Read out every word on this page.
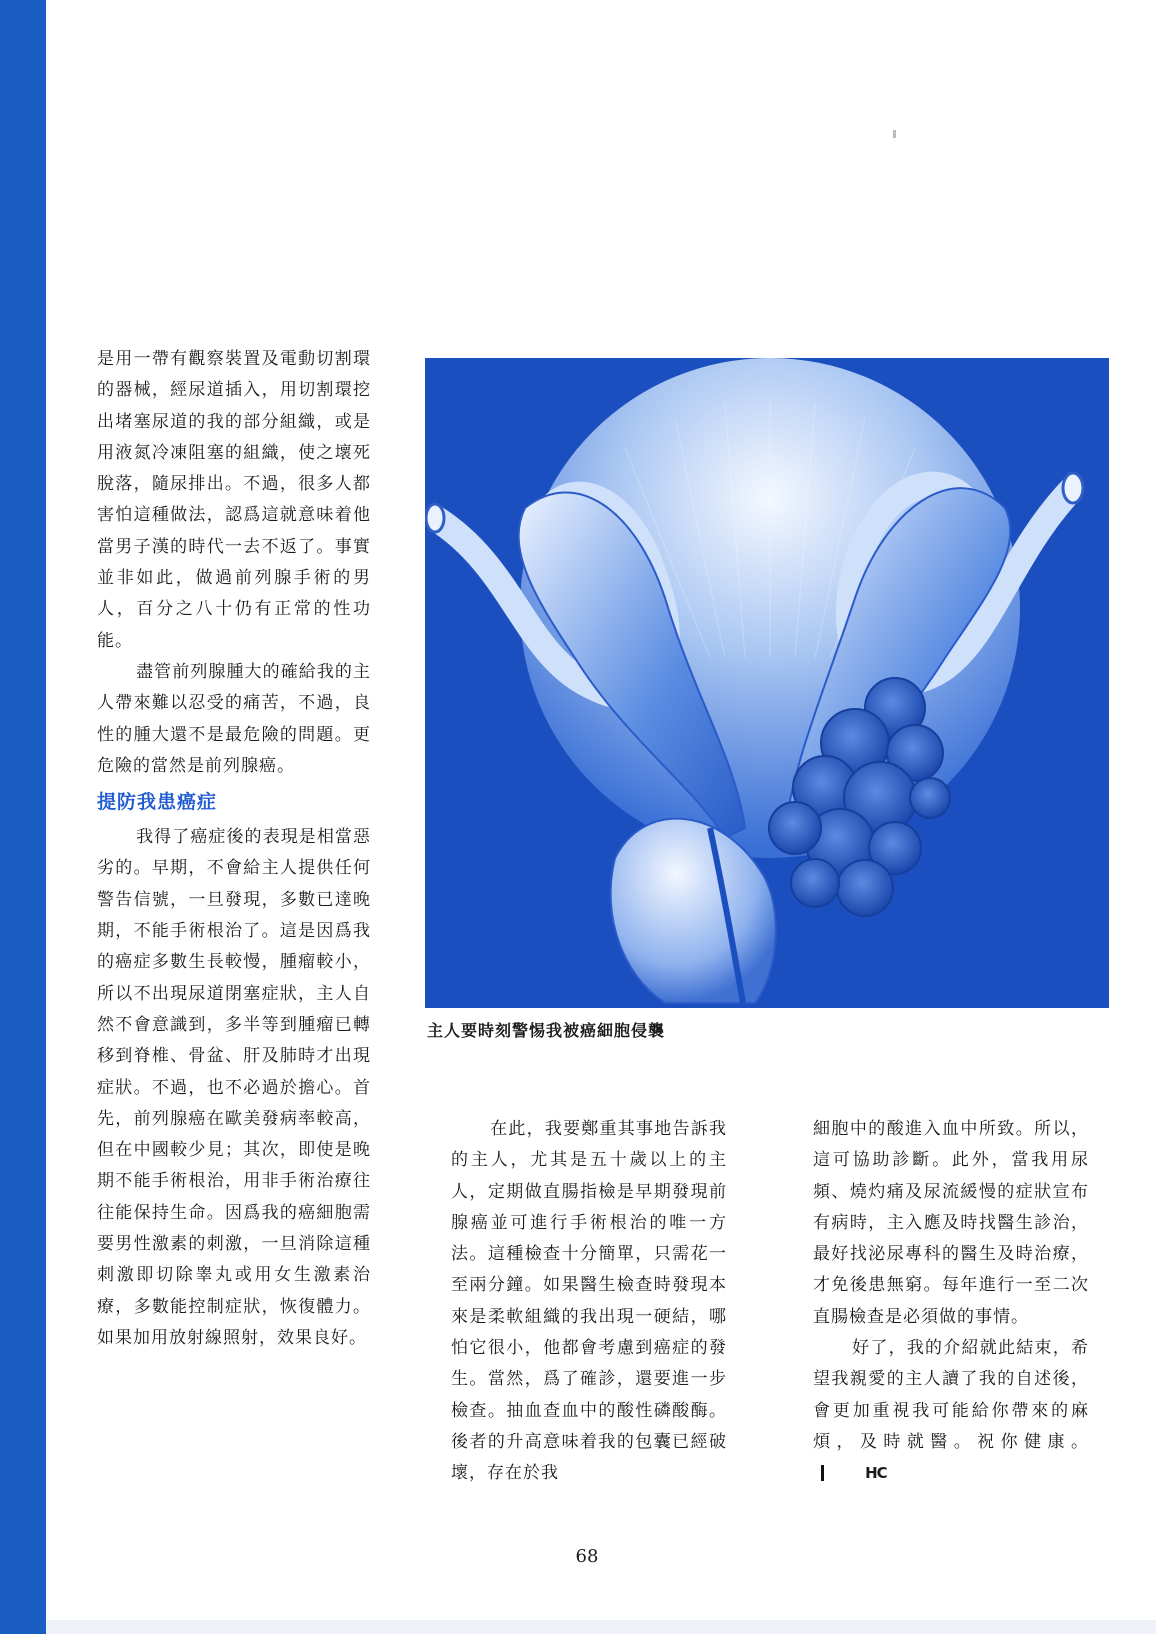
是用一帶有觀察裝置及電動切割環的器械，經尿道插入，用切割環挖出堵塞尿道的我的部分組織，或是用液氮冷凍阻塞的組織，使之壞死脫落，隨尿排出。不過，很多人都害怕這種做法，認爲這就意味着他當男子漢的時代一去不返了。事實並非如此，做過前列腺手術的男人，百分之八十仍有正常的性功能。

盡管前列腺腫大的確給我的主人帶來難以忍受的痛苦，不過，良性的腫大還不是最危險的問題。更危險的當然是前列腺癌。

提防我患癌症

我得了癌症後的表現是相當惡劣的。早期，不會給主人提供任何警告信號，一旦發現，多數已達晚期，不能手術根治了。這是因爲我的癌症多數生長較慢，腫瘤較小，所以不出現尿道閉塞症狀，主人自然不會意識到，多半等到腫瘤已轉移到脊椎、骨盆、肝及肺時才出現症狀。不過，也不必過於擔心。首先，前列腺癌在歐美發病率較高，但在中國較少見；其次，即使是晚期不能手術根治，用非手術治療往往能保持生命。因爲我的癌細胞需要男性激素的刺激，一旦消除這種刺激即切除睾丸或用女生激素治療，多數能控制症狀，恢復體力。如果加用放射線照射，效果良好。

主人要時刻警惕我被癌細胞侵襲

在此，我要鄭重其事地告訴我的主人，尤其是五十歲以上的主人，定期做直腸指檢是早期發現前腺癌並可進行手術根治的唯一方法。這種檢查十分簡單，只需花一至兩分鐘。如果醫生檢查時發現本來是柔軟組織的我出現一硬結，哪怕它很小，他都會考慮到癌症的發生。當然，爲了確診，還要進一步檢查。抽血查血中的酸性磷酸酶。後者的升高意味着我的包囊已經破壞，存在於我

細胞中的酸進入血中所致。所以，這可協助診斷。此外，當我用尿頻、燒灼痛及尿流緩慢的症狀宣布有病時，主入應及時找醫生診治，最好找泌尿專科的醫生及時治療，才免後患無窮。每年進行一至二次直腸檢查是必須做的事情。

好了，我的介紹就此結束，希望我親愛的主人讀了我的自述後，會更加重視我可能給你帶來的麻煩，及時就醫。祝你健康。HC

68
